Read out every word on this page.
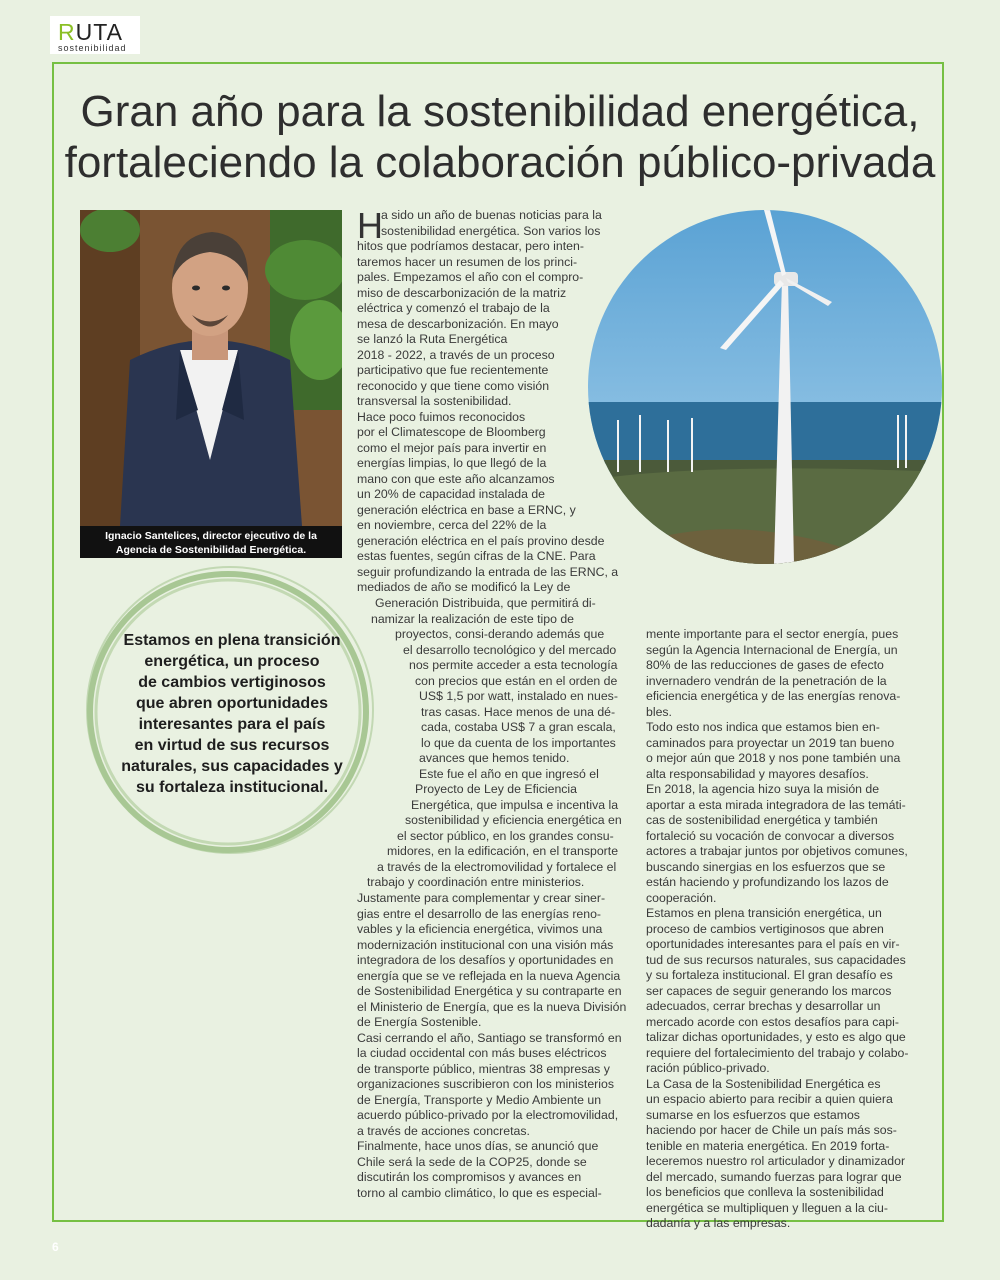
RUTA
sostenibilidad
Gran año para la sostenibilidad energética,
fortaleciendo la colaboración público-privada
Ignacio Santelices, director ejecutivo de la
Agencia de Sostenibilidad Energética.
Estamos en plena transición
energética, un proceso
de cambios vertiginosos
que abren oportunidades
interesantes para el país
en virtud de sus recursos
naturales, sus capacidades y
su fortaleza institucional.
H
a sido un año de buenas noticias para la
sostenibilidad energética. Son varios los
hitos que podríamos destacar, pero inten-
taremos hacer un resumen de los princi-
pales. Empezamos el año con el compro-
miso de descarbonización de la matriz
eléctrica y comenzó el trabajo de la
mesa de descarbonización. En mayo
se lanzó la Ruta Energética
2018 - 2022, a través de un proceso
participativo que fue recientemente
reconocido y que tiene como visión
transversal la sostenibilidad.
Hace poco fuimos reconocidos
por el Climatescope de Bloomberg
como el mejor país para invertir en
energías limpias, lo que llegó de la
mano con que este año alcanzamos
un 20% de capacidad instalada de
generación eléctrica en base a ERNC, y
en noviembre, cerca del 22% de la
generación eléctrica en el país provino desde
estas fuentes, según cifras de la CNE. Para
seguir profundizando la entrada de las ERNC, a
mediados de año se modificó la Ley de
Generación Distribuida, que permitirá di-
namizar la realización de este tipo de
proyectos, consi-derando además que
el desarrollo tecnológico y del mercado
nos permite acceder a esta tecnología
con precios que están en el orden de
US$ 1,5 por watt, instalado en nues-
tras casas. Hace menos de una dé-
cada, costaba US$ 7 a gran escala,
lo que da cuenta de los importantes
avances que hemos tenido.
Este fue el año en que ingresó el
Proyecto de Ley de Eficiencia
Energética, que impulsa e incentiva la
sostenibilidad y eficiencia energética en
el sector público, en los grandes consu-
midores, en la edificación, en el transporte
a través de la electromovilidad y fortalece el
trabajo y coordinación entre ministerios.
Justamente para complementar y crear siner-
gias entre el desarrollo de las energías reno-
vables y la eficiencia energética, vivimos una
modernización institucional con una visión más
integradora de los desafíos y oportunidades en
energía que se ve reflejada en la nueva Agencia
de Sostenibilidad Energética y su contraparte en
el Ministerio de Energía, que es la nueva División
de Energía Sostenible.
Casi cerrando el año, Santiago se transformó en
la ciudad occidental con más buses eléctricos
de transporte público, mientras 38 empresas y
organizaciones suscribieron con los ministerios
de Energía, Transporte y Medio Ambiente un
acuerdo público-privado por la electromovilidad,
a través de acciones concretas.
Finalmente, hace unos días, se anunció que
Chile será la sede de la COP25, donde se
discutirán los compromisos y avances en
torno al cambio climático, lo que es especial-
mente importante para el sector energía, pues
según la Agencia Internacional de Energía, un
80% de las reducciones de gases de efecto
invernadero vendrán de la penetración de la
eficiencia energética y de las energías renova-
bles.
Todo esto nos indica que estamos bien en-
caminados para proyectar un 2019 tan bueno
o mejor aún que 2018 y nos pone también una
alta responsabilidad y mayores desafíos.
En 2018, la agencia hizo suya la misión de
aportar a esta mirada integradora de las temáti-
cas de sostenibilidad energética y también
fortaleció su vocación de convocar a diversos
actores a trabajar juntos por objetivos comunes,
buscando sinergias en los esfuerzos que se
están haciendo y profundizando los lazos de
cooperación.
Estamos en plena transición energética, un
proceso de cambios vertiginosos que abren
oportunidades interesantes para el país en vir-
tud de sus recursos naturales, sus capacidades
y su fortaleza institucional. El gran desafío es
ser capaces de seguir generando los marcos
adecuados, cerrar brechas y desarrollar un
mercado acorde con estos desafíos para capi-
talizar dichas oportunidades, y esto es algo que
requiere del fortalecimiento del trabajo y colabo-
ración público-privado.
La Casa de la Sostenibilidad Energética es
un espacio abierto para recibir a quien quiera
sumarse en los esfuerzos que estamos
haciendo por hacer de Chile un país más sos-
tenible en materia energética. En 2019 forta-
leceremos nuestro rol articulador y dinamizador
del mercado, sumando fuerzas para lograr que
los beneficios que conlleva la sostenibilidad
energética se multipliquen y lleguen a la ciu-
dadanía y a las empresas.
6
